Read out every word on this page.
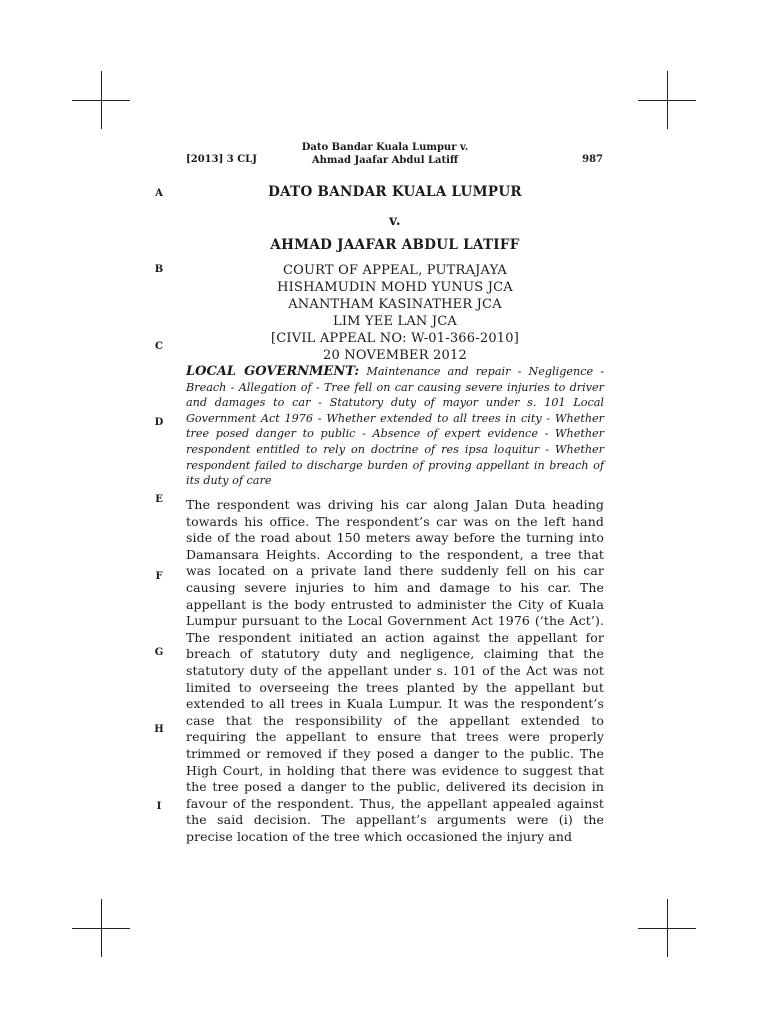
[2013] 3 CLJ
Dato Bandar Kuala Lumpur v.
Ahmad Jaafar Abdul Latiff	987
A
B
C
D
E
F
G
H
I
DATO BANDAR KUALA LUMPUR
v.
AHMAD JAAFAR ABDUL LATIFF
COURT OF APPEAL, PUTRAJAYA
HISHAMUDIN MOHD YUNUS JCA
ANANTHAM KASINATHER JCA
LIM YEE LAN JCA
[CIVIL APPEAL NO: W-01-366-2010]
20 NOVEMBER 2012
LOCAL GOVERNMENT: Maintenance and repair - Negligence - Breach - Allegation of - Tree fell on car causing severe injuries to driver and damages to car - Statutory duty of mayor under s. 101 Local Government Act 1976 - Whether extended to all trees in city - Whether tree posed danger to public - Absence of expert evidence - Whether respondent entitled to rely on doctrine of res ipsa loquitur - Whether respondent failed to discharge burden of proving appellant in breach of its duty of care
The respondent was driving his car along Jalan Duta heading towards his office. The respondent’s car was on the left hand side of the road about 150 meters away before the turning into Damansara Heights. According to the respondent, a tree that was located on a private land there suddenly fell on his car causing severe injuries to him and damage to his car. The appellant is the body entrusted to administer the City of Kuala Lumpur pursuant to the Local Government Act 1976 (‘the Act’). The respondent initiated an action against the appellant for breach of statutory duty and negligence, claiming that the statutory duty of the appellant under s. 101 of the Act was not limited to overseeing the trees planted by the appellant but extended to all trees in Kuala Lumpur. It was the respondent’s case that the responsibility of the appellant extended to requiring the appellant to ensure that trees were properly trimmed or removed if they posed a danger to the public. The High Court, in holding that there was evidence to suggest that the tree posed a danger to the public, delivered its decision in favour of the respondent. Thus, the appellant appealed against the said decision. The appellant’s arguments were (i) the precise location of the tree which occasioned the injury and
